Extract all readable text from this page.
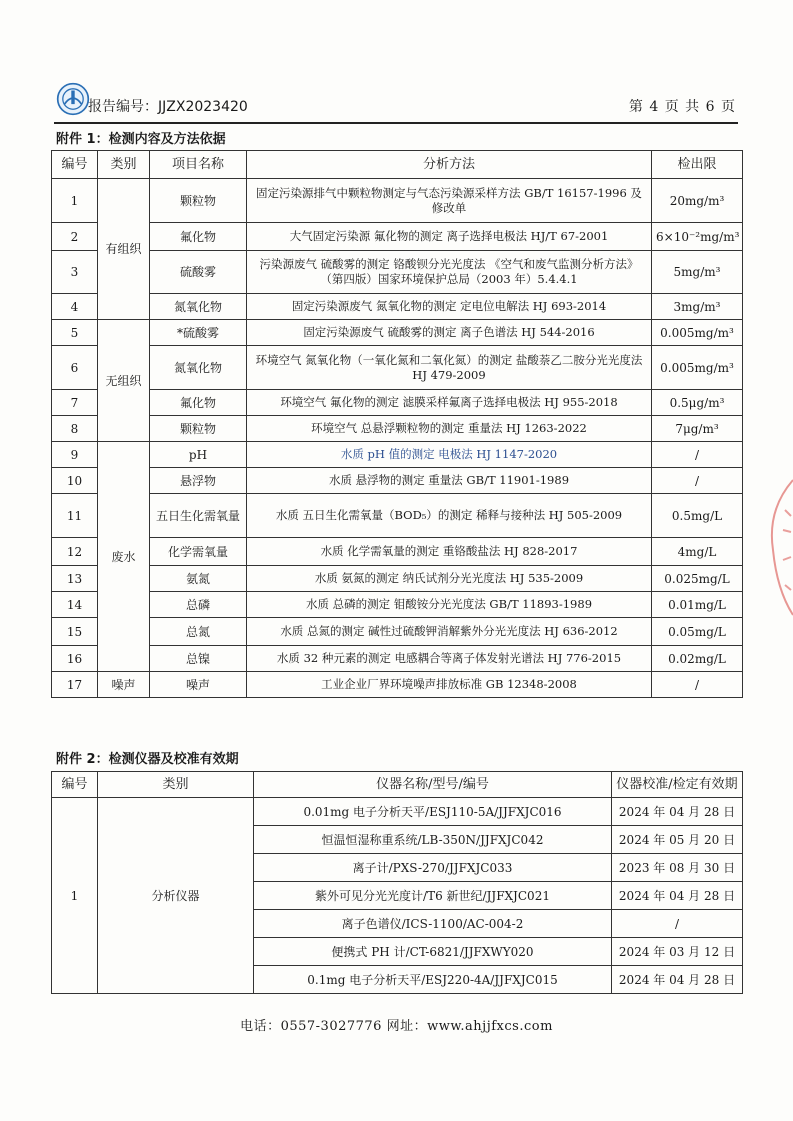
报告编号：JJZX2023420	第 4 页 共 6 页
附件 1：检测内容及方法依据
编号	类别	项目名称	分析方法	检出限
1	有组织	颗粒物	固定污染源排气中颗粒物测定与气态污染源采样方法 GB/T 16157-1996 及修改单	20mg/m³
2		氟化物	大气固定污染源 氟化物的测定 离子选择电极法 HJ/T 67-2001	6×10⁻²mg/m³
3		硫酸雾	污染源废气 硫酸雾的测定 铬酸钡分光光度法 《空气和废气监测分析方法》（第四版）国家环境保护总局（2003 年）5.4.4.1	5mg/m³
4		氮氧化物	固定污染源废气 氮氧化物的测定 定电位电解法 HJ 693-2014	3mg/m³
5	无组织	*硫酸雾	固定污染源废气 硫酸雾的测定 离子色谱法 HJ 544-2016	0.005mg/m³
6		氮氧化物	环境空气 氮氧化物（一氧化氮和二氧化氮）的测定 盐酸萘乙二胺分光光度法 HJ 479-2009	0.005mg/m³
7		氟化物	环境空气 氟化物的测定 滤膜采样氟离子选择电极法 HJ 955-2018	0.5μg/m³
8		颗粒物	环境空气 总悬浮颗粒物的测定 重量法 HJ 1263-2022	7μg/m³
9	废水	pH	水质 pH 值的测定 电极法 HJ 1147-2020	/
10		悬浮物	水质 悬浮物的测定 重量法 GB/T 11901-1989	/
11		五日生化需氧量	水质 五日生化需氧量（BOD₅）的测定 稀释与接种法 HJ 505-2009	0.5mg/L
12		化学需氧量	水质 化学需氧量的测定 重铬酸盐法 HJ 828-2017	4mg/L
13		氨氮	水质 氨氮的测定 纳氏试剂分光光度法 HJ 535-2009	0.025mg/L
14		总磷	水质 总磷的测定 钼酸铵分光光度法 GB/T 11893-1989	0.01mg/L
15		总氮	水质 总氮的测定 碱性过硫酸钾消解紫外分光光度法 HJ 636-2012	0.05mg/L
16		总镍	水质 32 种元素的测定 电感耦合等离子体发射光谱法 HJ 776-2015	0.02mg/L
17	噪声	噪声	工业企业厂界环境噪声排放标准 GB 12348-2008	/
附件 2：检测仪器及校准有效期
编号	类别	仪器名称/型号/编号	仪器校准/检定有效期
1	分析仪器	0.01mg 电子分析天平/ESJ110-5A/JJFXJC016	2024 年 04 月 28 日
		恒温恒湿称重系统/LB-350N/JJFXJC042	2024 年 05 月 20 日
		离子计/PXS-270/JJFXJC033	2023 年 08 月 30 日
		紫外可见分光光度计/T6 新世纪/JJFXJC021	2024 年 04 月 28 日
		离子色谱仪/ICS-1100/AC-004-2	/
		便携式 PH 计/CT-6821/JJFXWY020	2024 年 03 月 12 日
		0.1mg 电子分析天平/ESJ220-4A/JJFXJC015	2024 年 04 月 28 日
电话：0557-3027776 网址：www.ahjjfxcs.com
